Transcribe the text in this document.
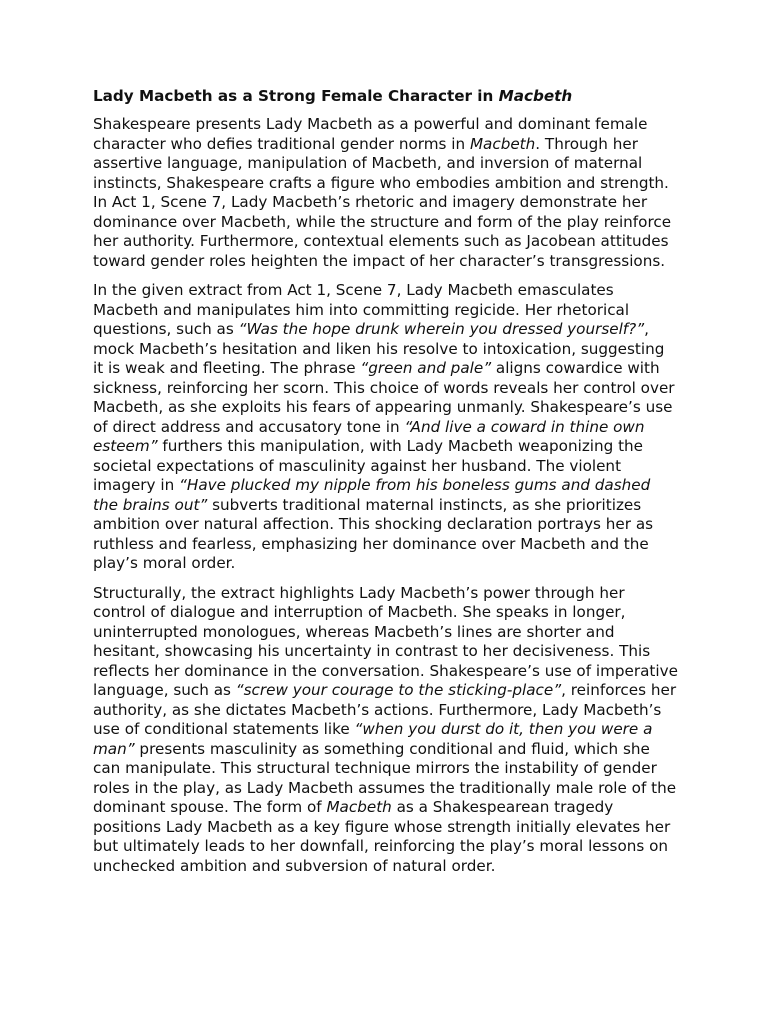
Lady Macbeth as a Strong Female Character in Macbeth

Shakespeare presents Lady Macbeth as a powerful and dominant female character who defies traditional gender norms in Macbeth. Through her assertive language, manipulation of Macbeth, and inversion of maternal instincts, Shakespeare crafts a figure who embodies ambition and strength. In Act 1, Scene 7, Lady Macbeth’s rhetoric and imagery demonstrate her dominance over Macbeth, while the structure and form of the play reinforce her authority. Furthermore, contextual elements such as Jacobean attitudes toward gender roles heighten the impact of her character’s transgressions.

In the given extract from Act 1, Scene 7, Lady Macbeth emasculates Macbeth and manipulates him into committing regicide. Her rhetorical questions, such as “Was the hope drunk wherein you dressed yourself?”, mock Macbeth’s hesitation and liken his resolve to intoxication, suggesting it is weak and fleeting. The phrase “green and pale” aligns cowardice with sickness, reinforcing her scorn. This choice of words reveals her control over Macbeth, as she exploits his fears of appearing unmanly. Shakespeare’s use of direct address and accusatory tone in “And live a coward in thine own esteem” furthers this manipulation, with Lady Macbeth weaponizing the societal expectations of masculinity against her husband. The violent imagery in “Have plucked my nipple from his boneless gums and dashed the brains out” subverts traditional maternal instincts, as she prioritizes ambition over natural affection. This shocking declaration portrays her as ruthless and fearless, emphasizing her dominance over Macbeth and the play’s moral order.

Structurally, the extract highlights Lady Macbeth’s power through her control of dialogue and interruption of Macbeth. She speaks in longer, uninterrupted monologues, whereas Macbeth’s lines are shorter and hesitant, showcasing his uncertainty in contrast to her decisiveness. This reflects her dominance in the conversation. Shakespeare’s use of imperative language, such as “screw your courage to the sticking-place”, reinforces her authority, as she dictates Macbeth’s actions. Furthermore, Lady Macbeth’s use of conditional statements like “when you durst do it, then you were a man” presents masculinity as something conditional and fluid, which she can manipulate. This structural technique mirrors the instability of gender roles in the play, as Lady Macbeth assumes the traditionally male role of the dominant spouse. The form of Macbeth as a Shakespearean tragedy positions Lady Macbeth as a key figure whose strength initially elevates her but ultimately leads to her downfall, reinforcing the play’s moral lessons on unchecked ambition and subversion of natural order.
